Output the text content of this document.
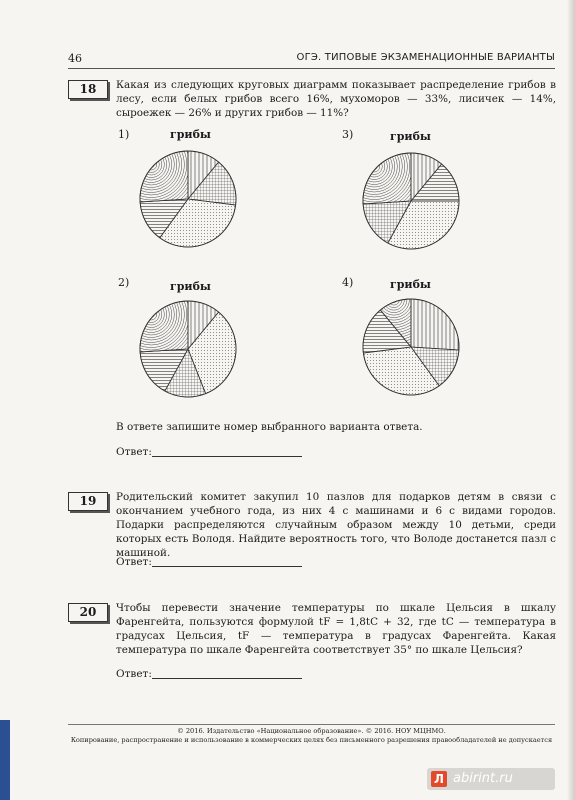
46	ОГЭ. ТИПОВЫЕ ЭКЗАМЕНАЦИОННЫЕ ВАРИАНТЫ
18	Какая из следующих круговых диаграмм показывает распределение грибов в лесу, если белых грибов всего 16%, мухоморов — 33%, лисичек — 14%, сыроежек — 26% и других грибов — 11%?
1)	грибы	3)	грибы
2)	грибы	4)	грибы
В ответе запишите номер выбранного варианта ответа.
Ответ:
19	Родительский комитет закупил 10 пазлов для подарков детям в связи с окончанием учебного года, из них 4 с машинами и 6 с видами городов. Подарки распределяются случайным образом между 10 детьми, среди которых есть Володя. Найдите вероятность того, что Володе достанется пазл с машиной.
Ответ:
20	Чтобы перевести значение температуры по шкале Цельсия в шкалу Фаренгейта, пользуются формулой tF = 1,8tC + 32, где tC — температура в градусах Цельсия, tF — температура в градусах Фаренгейта. Какая температура по шкале Фаренгейта соответствует 35° по шкале Цельсия?
Ответ:
© 2016. Издательство «Национальное образование». © 2016. НОУ МЦНМО.
Копирование, распространение и использование в коммерческих целях без письменного разрешения правообладателей не допускается
Л abirint.ru
